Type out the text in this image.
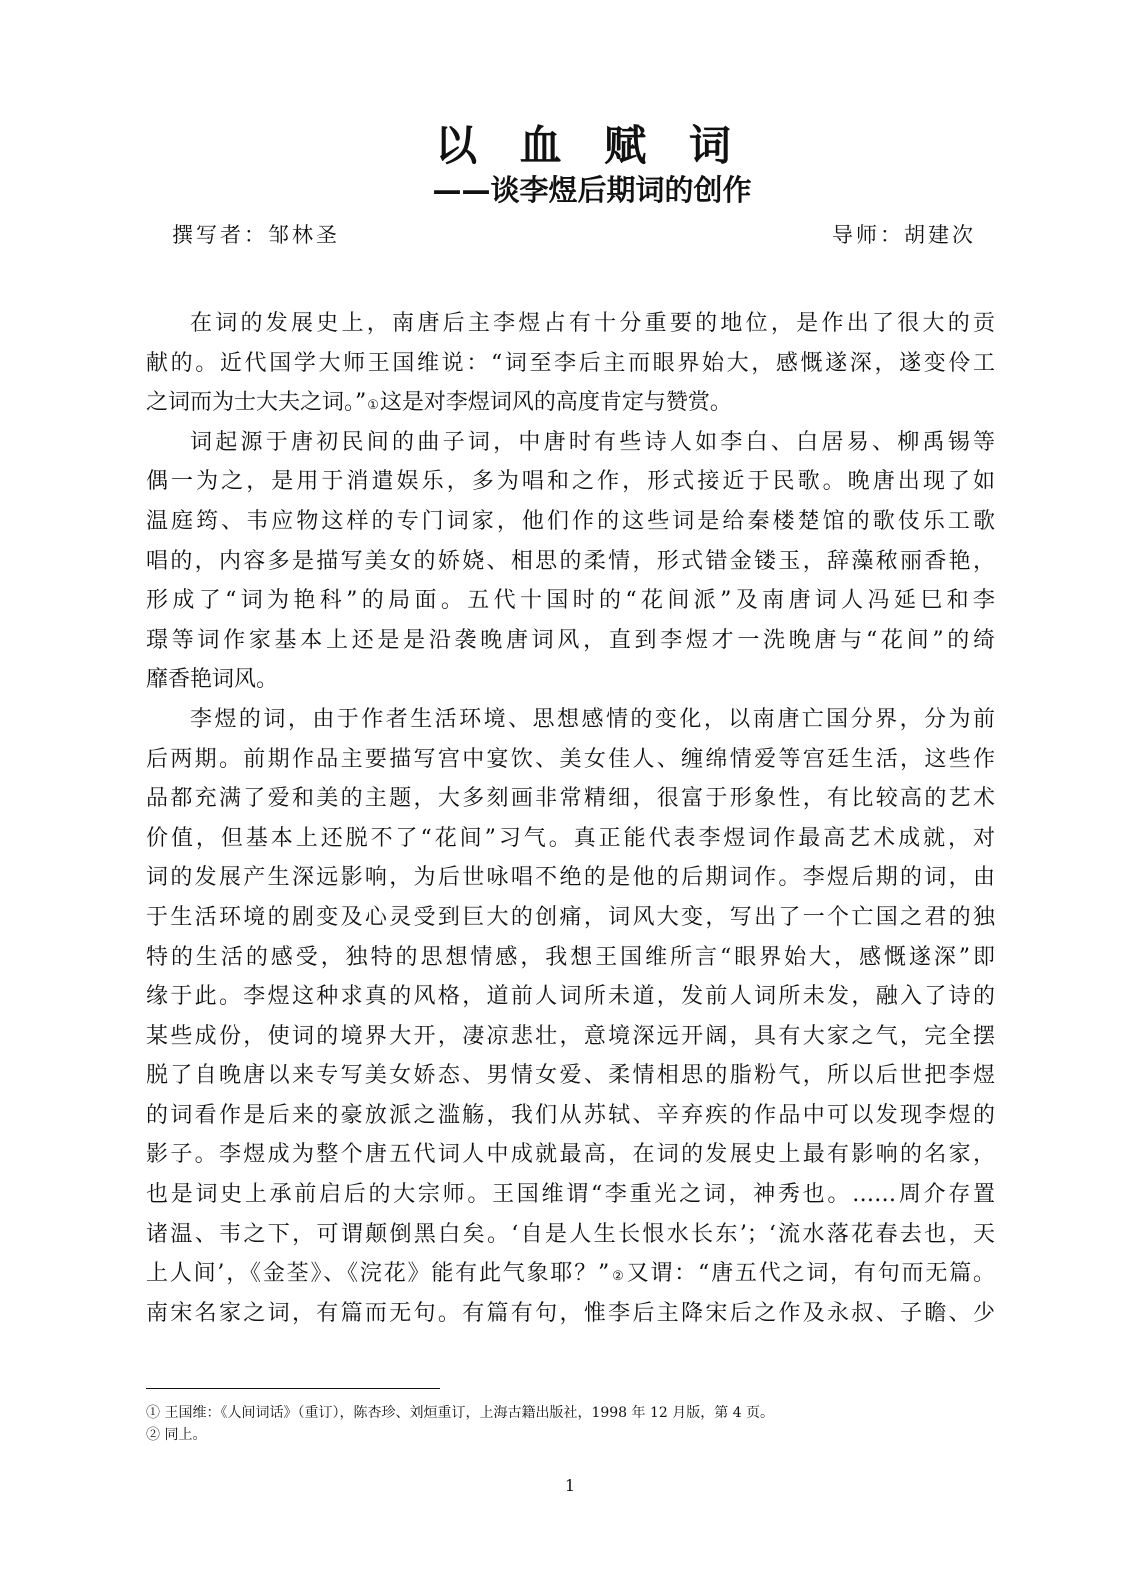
以 血 赋 词
——谈李煜后期词的创作
撰写者：邹林圣	导师：胡建次
在词的发展史上，南唐后主李煜占有十分重要的地位，是作出了很大的贡
献的。近代国学大师王国维说：“词至李后主而眼界始大，感慨遂深，遂变伶工
之词而为士大夫之词。”①这是对李煜词风的高度肯定与赞赏。
词起源于唐初民间的曲子词，中唐时有些诗人如李白、白居易、柳禹锡等
偶一为之，是用于消遣娱乐，多为唱和之作，形式接近于民歌。晚唐出现了如
温庭筠、韦应物这样的专门词家，他们作的这些词是给秦楼楚馆的歌伎乐工歌
唱的，内容多是描写美女的娇娆、相思的柔情，形式错金镂玉，辞藻秾丽香艳，
形成了“词为艳科”的局面。五代十国时的“花间派”及南唐词人冯延巳和李
璟等词作家基本上还是是沿袭晚唐词风，直到李煜才一洗晚唐与“花间”的绮
靡香艳词风。
李煜的词，由于作者生活环境、思想感情的变化，以南唐亡国分界，分为前
后两期。前期作品主要描写宫中宴饮、美女佳人、缠绵情爱等宫廷生活，这些作
品都充满了爱和美的主题，大多刻画非常精细，很富于形象性，有比较高的艺术
价值，但基本上还脱不了“花间”习气。真正能代表李煜词作最高艺术成就，对
词的发展产生深远影响，为后世咏唱不绝的是他的后期词作。李煜后期的词，由
于生活环境的剧变及心灵受到巨大的创痛，词风大变，写出了一个亡国之君的独
特的生活的感受，独特的思想情感，我想王国维所言“眼界始大，感慨遂深”即
缘于此。李煜这种求真的风格，道前人词所未道，发前人词所未发，融入了诗的
某些成份，使词的境界大开，凄凉悲壮，意境深远开阔，具有大家之气，完全摆
脱了自晚唐以来专写美女娇态、男情女爱、柔情相思的脂粉气，所以后世把李煜
的词看作是后来的豪放派之滥觞，我们从苏轼、辛弃疾的作品中可以发现李煜的
影子。李煜成为整个唐五代词人中成就最高，在词的发展史上最有影响的名家，
也是词史上承前启后的大宗师。王国维谓“李重光之词，神秀也。……周介存置
诸温、韦之下，可谓颠倒黑白矣。‘自是人生长恨水长东’；‘流水落花春去也，天
上人间’，《金荃》、《浣花》能有此气象耶？”②又谓：“唐五代之词，有句而无篇。
南宋名家之词，有篇而无句。有篇有句，惟李后主降宋后之作及永叔、子瞻、少
① 王国维：《人间词话》（重订），陈杏珍、刘烜重订，上海古籍出版社，1998 年 12 月版，第 4 页。
② 同上。
1
